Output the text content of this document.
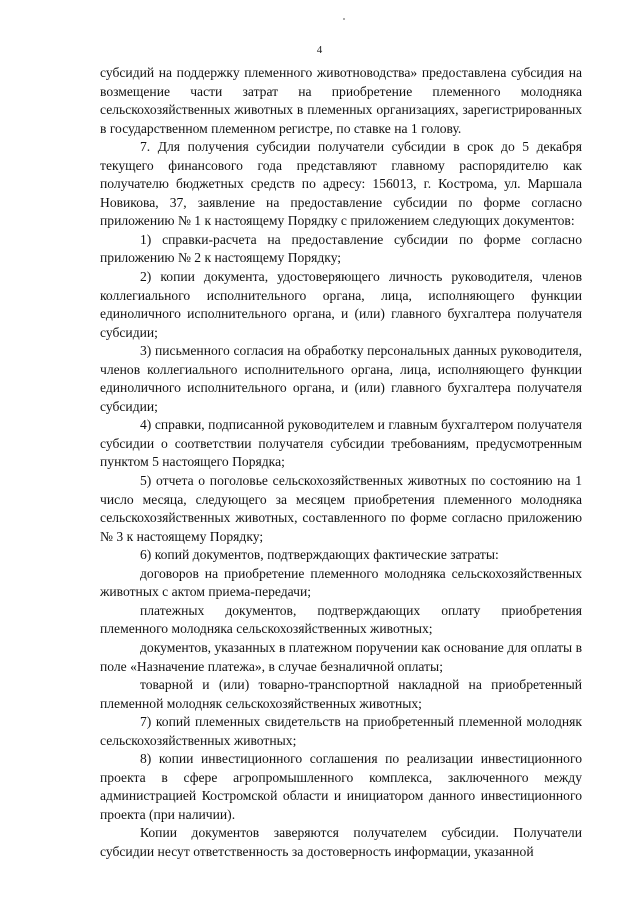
4

субсидий на поддержку племенного животноводства» предоставлена субсидия на возмещение части затрат на приобретение племенного молодняка сельскохозяйственных животных в племенных организациях, зарегистрированных в государственном племенном регистре, по ставке на 1 голову.

7. Для получения субсидии получатели субсидии в срок до 5 декабря текущего финансового года представляют главному распорядителю как получателю бюджетных средств по адресу: 156013, г. Кострома, ул. Маршала Новикова, 37, заявление на предоставление субсидии по форме согласно приложению № 1 к настоящему Порядку с приложением следующих документов:

1) справки-расчета на предоставление субсидии по форме согласно приложению № 2 к настоящему Порядку;

2) копии документа, удостоверяющего личность руководителя, членов коллегиального исполнительного органа, лица, исполняющего функции единоличного исполнительного органа, и (или) главного бухгалтера получателя субсидии;

3) письменного согласия на обработку персональных данных руководителя, членов коллегиального исполнительного органа, лица, исполняющего функции единоличного исполнительного органа, и (или) главного бухгалтера получателя субсидии;

4) справки, подписанной руководителем и главным бухгалтером получателя субсидии о соответствии получателя субсидии требованиям, предусмотренным пунктом 5 настоящего Порядка;

5) отчета о поголовье сельскохозяйственных животных по состоянию на 1 число месяца, следующего за месяцем приобретения племенного молодняка сельскохозяйственных животных, составленного по форме согласно приложению № 3 к настоящему Порядку;

6) копий документов, подтверждающих фактические затраты:

договоров на приобретение племенного молодняка сельскохозяйственных животных с актом приема-передачи;

платежных документов, подтверждающих оплату приобретения племенного молодняка сельскохозяйственных животных;

документов, указанных в платежном поручении как основание для оплаты в поле «Назначение платежа», в случае безналичной оплаты;

товарной и (или) товарно-транспортной накладной на приобретенный племенной молодняк сельскохозяйственных животных;

7) копий племенных свидетельств на приобретенный племенной молодняк сельскохозяйственных животных;

8) копии инвестиционного соглашения по реализации инвестиционного проекта в сфере агропромышленного комплекса, заключенного между администрацией Костромской области и инициатором данного инвестиционного проекта (при наличии).

Копии документов заверяются получателем субсидии. Получатели субсидии несут ответственность за достоверность информации, указанной
